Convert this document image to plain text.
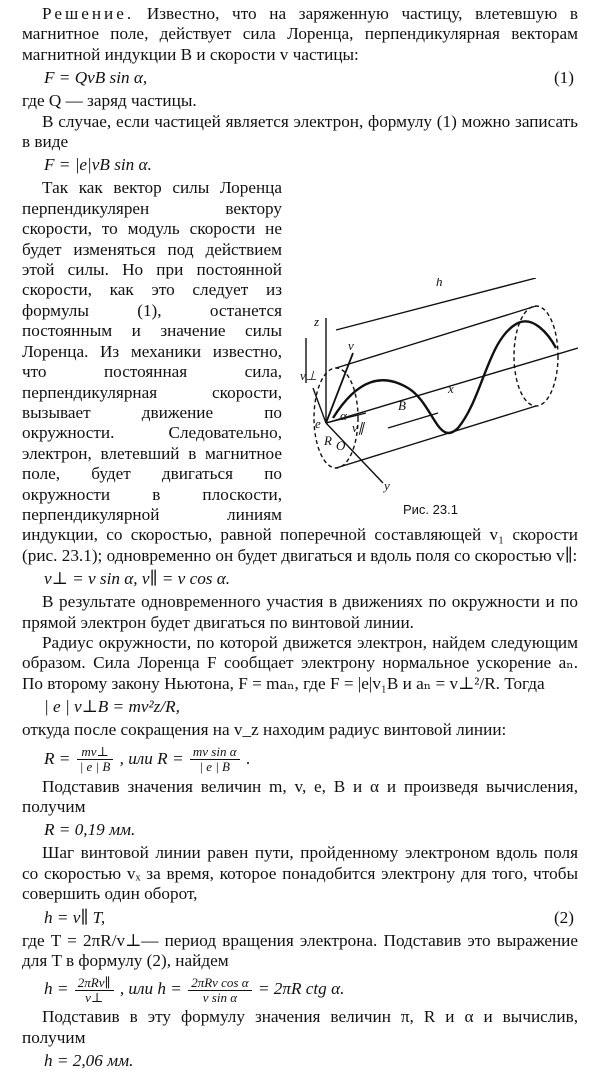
Решение. Известно, что на заряженную частицу, влетевшую в магнитное поле, действует сила Лоренца, перпендикулярная векторам магнитной индукции B и скорости v частицы:

F = QvB sin α,	(1)

где Q — заряд частицы.

В случае, если частицей является электрон, формулу (1) можно записать в виде

F = |e|vB sin α.
h
z
v
v⊥
B
x
α
v∥
e
O
R
y
Рис. 23.1

Так как вектор силы Лоренца перпендикулярен вектору скорости, то модуль скорости не будет изменяться под действием этой силы. Но при постоянной скорости, как это следует из формулы (1), останется постоянным и значение силы Лоренца. Из механики известно, что постоянная сила, перпендикулярная скорости, вызывает движение по окружности. Следовательно, электрон, влетевший в магнитное поле, будет двигаться по окружности в плоскости, перпендикулярной линиям индукции, со скоростью, равной поперечной составляющей v₁ скорости (рис. 23.1); одновременно он будет двигаться и вдоль поля со скоростью v∥:

v⊥ = v sin α, v∥ = v cos α.

В результате одновременного участия в движениях по окружности и по прямой электрон будет двигаться по винтовой линии.

Радиус окружности, по которой движется электрон, найдем следующим образом. Сила Лоренца F сообщает электрону нормальное ускорение aₙ. По второму закону Ньютона, F = maₙ, где F = |e|v₁B и aₙ = v⊥²/R. Тогда

| e | v⊥B = mv²z/R,

откуда после сокращения на v_z находим радиус винтовой линии:

$R = \frac{mv\perp}{| e | B}$ , или $R = \frac{\text{mv sin α}}{| e | B}$ .

Подставив значения величин m, v, e, B и α и произведя вычисления, получим

R = 0,19 мм.

Шаг винтовой линии равен пути, пройденному электроном вдоль поля со скоростью vₓ за время, которое понадобится электрону для того, чтобы совершить один оборот,

h = v∥ T,	(2)

где T = 2πR/v⊥— период вращения электрона. Подставив это выражение для T в формулу (2), найдем

$h = \frac{\text{2πRv∥}}{v\perp}$ , или $h = \frac{\text{2πRv cos α}}{\text{v sin α}} = 2\pi R$ ctg α.

Подставив в эту формулу значения величин π, R и α и вычислив, получим

h = 2,06 мм.
